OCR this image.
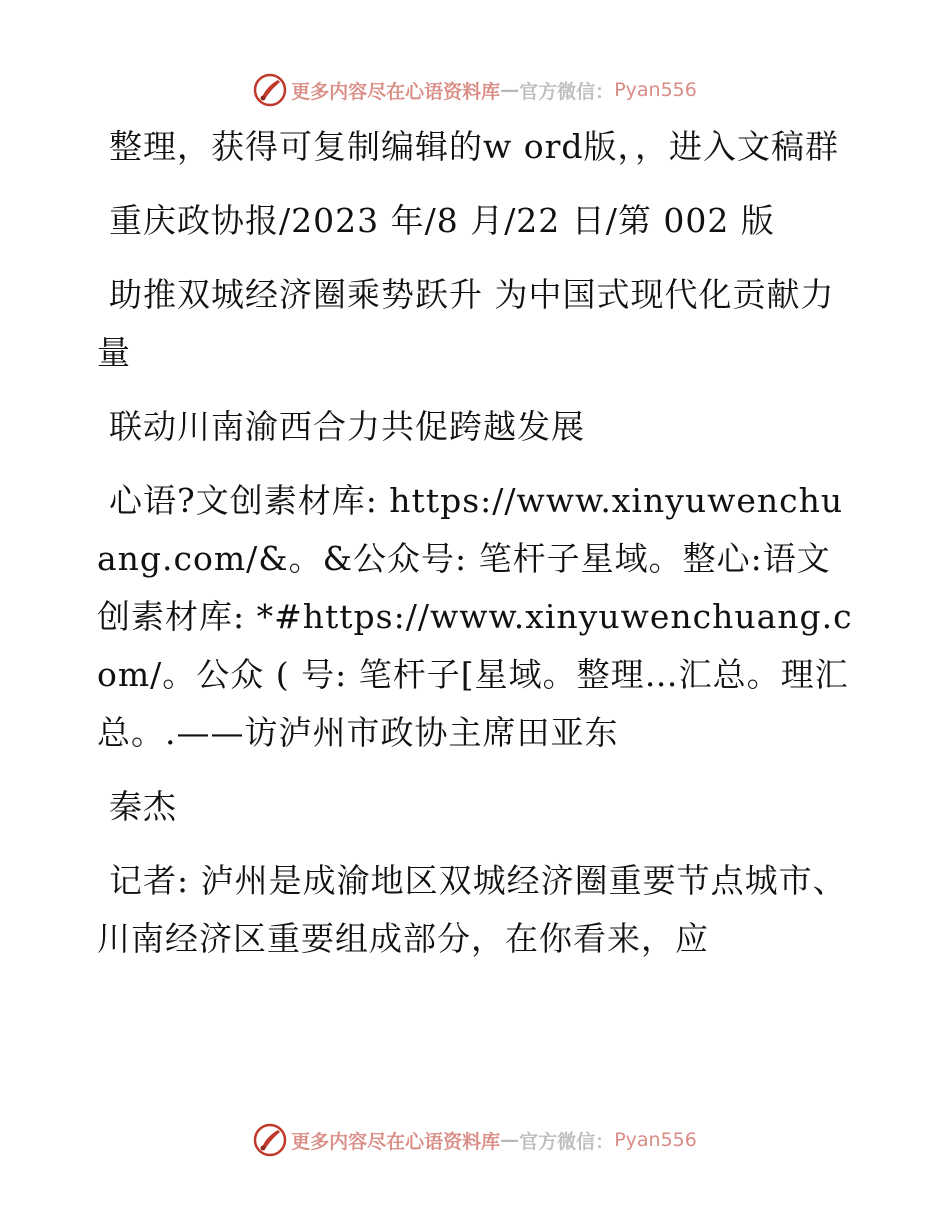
更多内容尽在心语资料库 — 官方微信： Pyan556

整理，获得可复制编辑的w ord版，，进入文稿群

重庆政协报/2023 年/8 月/22 日/第 002 版

助推双城经济圈乘势跃升 为中国式现代化贡献力量

联动川南渝西合力共促跨越发展

心语?文创素材库: https://www.xinyuwenchuang.com/&。&公众号: 笔杆子星域。整心:语文创素材库: *#https://www.xinyuwenchuang.com/。公众 ( 号: 笔杆子[星域。整理…汇总。理汇总。.——访泸州市政协主席田亚东

秦杰

记者: 泸州是成渝地区双城经济圈重要节点城市、川南经济区重要组成部分，在你看来，应

更多内容尽在心语资料库 — 官方微信： Pyan556
